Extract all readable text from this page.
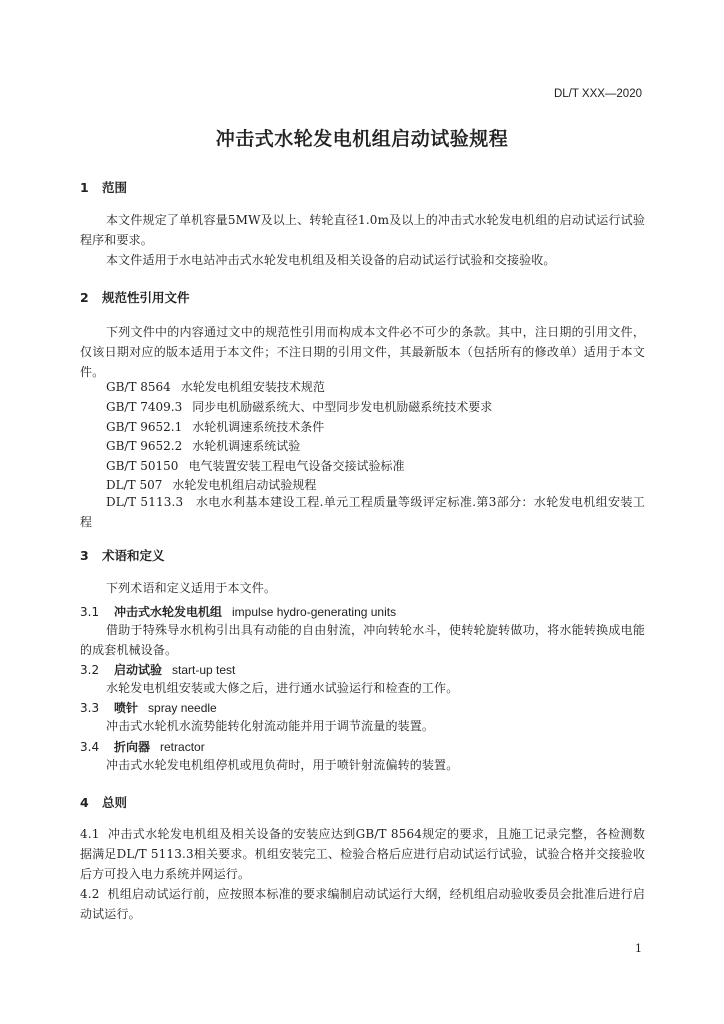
DL/T XXX—2020
冲击式水轮发电机组启动试验规程
1 范围
本文件规定了单机容量5MW及以上、转轮直径1.0m及以上的冲击式水轮发电机组的启动试运行试验程序和要求。
本文件适用于水电站冲击式水轮发电机组及相关设备的启动试运行试验和交接验收。
2 规范性引用文件
下列文件中的内容通过文中的规范性引用而构成本文件必不可少的条款。其中，注日期的引用文件，仅该日期对应的版本适用于本文件；不注日期的引用文件，其最新版本（包括所有的修改单）适用于本文件。
GB/T 8564 水轮发电机组安装技术规范
GB/T 7409.3 同步电机励磁系统大、中型同步发电机励磁系统技术要求
GB/T 9652.1 水轮机调速系统技术条件
GB/T 9652.2 水轮机调速系统试验
GB/T 50150 电气装置安装工程电气设备交接试验标准
DL/T 507 水轮发电机组启动试验规程
DL/T 5113.3　水电水利基本建设工程.单元工程质量等级评定标准.第3部分：水轮发电机组安装工程
3 术语和定义
下列术语和定义适用于本文件。
3.1 冲击式水轮发电机组 impulse hydro-generating units
借助于特殊导水机构引出具有动能的自由射流，冲向转轮水斗，使转轮旋转做功，将水能转换成电能的成套机械设备。
3.2 启动试验 start-up test
水轮发电机组安装或大修之后，进行通水试验运行和检查的工作。
3.3 喷针 spray needle
冲击式水轮机水流势能转化射流动能并用于调节流量的装置。
3.4 折向器 retractor
冲击式水轮发电机组停机或甩负荷时，用于喷针射流偏转的装置。
4 总则
4.1 冲击式水轮发电机组及相关设备的安装应达到GB/T 8564规定的要求，且施工记录完整，各检测数据满足DL/T 5113.3相关要求。机组安装完工、检验合格后应进行启动试运行试验，试验合格并交接验收后方可投入电力系统并网运行。
4.2 机组启动试运行前，应按照本标准的要求编制启动试运行大纲，经机组启动验收委员会批准后进行启动试运行。
1
